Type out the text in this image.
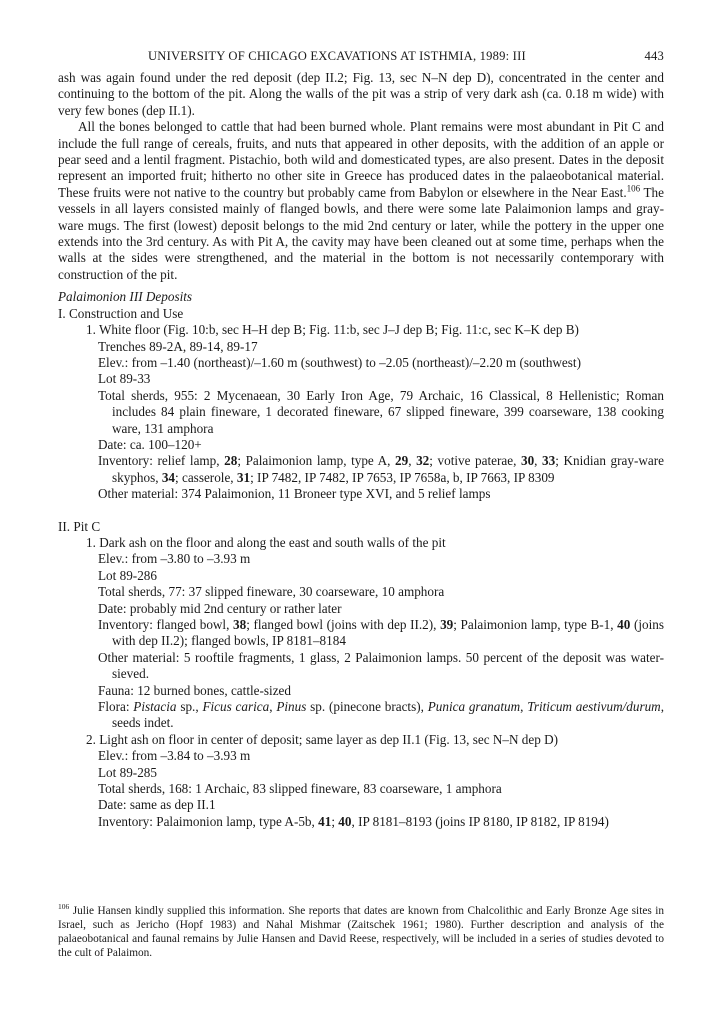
UNIVERSITY OF CHICAGO EXCAVATIONS AT ISTHMIA, 1989: III	443

ash was again found under the red deposit (dep II.2; Fig. 13, sec N–N dep D), concentrated in the center and continuing to the bottom of the pit. Along the walls of the pit was a strip of very dark ash (ca. 0.18 m wide) with very few bones (dep II.1).

All the bones belonged to cattle that had been burned whole. Plant remains were most abundant in Pit C and include the full range of cereals, fruits, and nuts that appeared in other deposits, with the addition of an apple or pear seed and a lentil fragment. Pistachio, both wild and domesticated types, are also present. Dates in the deposit represent an imported fruit; hitherto no other site in Greece has produced dates in the palaeobotanical material. These fruits were not native to the country but probably came from Babylon or elsewhere in the Near East.$^{106}$ The vessels in all layers consisted mainly of flanged bowls, and there were some late Palaimonion lamps and gray-ware mugs. The first (lowest) deposit belongs to the mid 2nd century or later, while the pottery in the upper one extends into the 3rd century. As with Pit A, the cavity may have been cleaned out at some time, perhaps when the walls at the sides were strengthened, and the material in the bottom is not necessarily contemporary with construction of the pit.

Palaimonion III Deposits
I. Construction and Use
1. White floor (Fig. 10:b, sec H–H dep B; Fig. 11:b, sec J–J dep B; Fig. 11:c, sec K–K dep B)
Trenches 89-2A, 89-14, 89-17
Elev.: from –1.40 (northeast)/–1.60 m (southwest) to –2.05 (northeast)/–2.20 m (southwest)
Lot 89-33
Total sherds, 955: 2 Mycenaean, 30 Early Iron Age, 79 Archaic, 16 Classical, 8 Hellenistic; Roman includes 84 plain fineware, 1 decorated fineware, 67 slipped fineware, 399 coarseware, 138 cooking ware, 131 amphora
Date: ca. 100–120+
Inventory: relief lamp, 28; Palaimonion lamp, type A, 29, 32; votive paterae, 30, 33; Knidian gray-ware skyphos, 34; casserole, 31; IP 7482, IP 7482, IP 7653, IP 7658a, b, IP 7663, IP 8309
Other material: 374 Palaimonion, 11 Broneer type XVI, and 5 relief lamps
II. Pit C
1. Dark ash on the floor and along the east and south walls of the pit
Elev.: from –3.80 to –3.93 m
Lot 89-286
Total sherds, 77: 37 slipped fineware, 30 coarseware, 10 amphora
Date: probably mid 2nd century or rather later
Inventory: flanged bowl, 38; flanged bowl (joins with dep II.2), 39; Palaimonion lamp, type B-1, 40 (joins with dep II.2); flanged bowls, IP 8181–8184
Other material: 5 rooftile fragments, 1 glass, 2 Palaimonion lamps. 50 percent of the deposit was water-sieved.
Fauna: 12 burned bones, cattle-sized
Flora: Pistacia sp., Ficus carica, Pinus sp. (pinecone bracts), Punica granatum, Triticum aestivum/durum, seeds indet.
2. Light ash on floor in center of deposit; same layer as dep II.1 (Fig. 13, sec N–N dep D)
Elev.: from –3.84 to –3.93 m
Lot 89-285
Total sherds, 168: 1 Archaic, 83 slipped fineware, 83 coarseware, 1 amphora
Date: same as dep II.1
Inventory: Palaimonion lamp, type A-5b, 41; 40, IP 8181–8193 (joins IP 8180, IP 8182, IP 8194)
$^{106}$ Julie Hansen kindly supplied this information. She reports that dates are known from Chalcolithic and Early Bronze Age sites in Israel, such as Jericho (Hopf 1983) and Nahal Mishmar (Zaitschek 1961; 1980). Further description and analysis of the palaeobotanical and faunal remains by Julie Hansen and David Reese, respectively, will be included in a series of studies devoted to the cult of Palaimon.
